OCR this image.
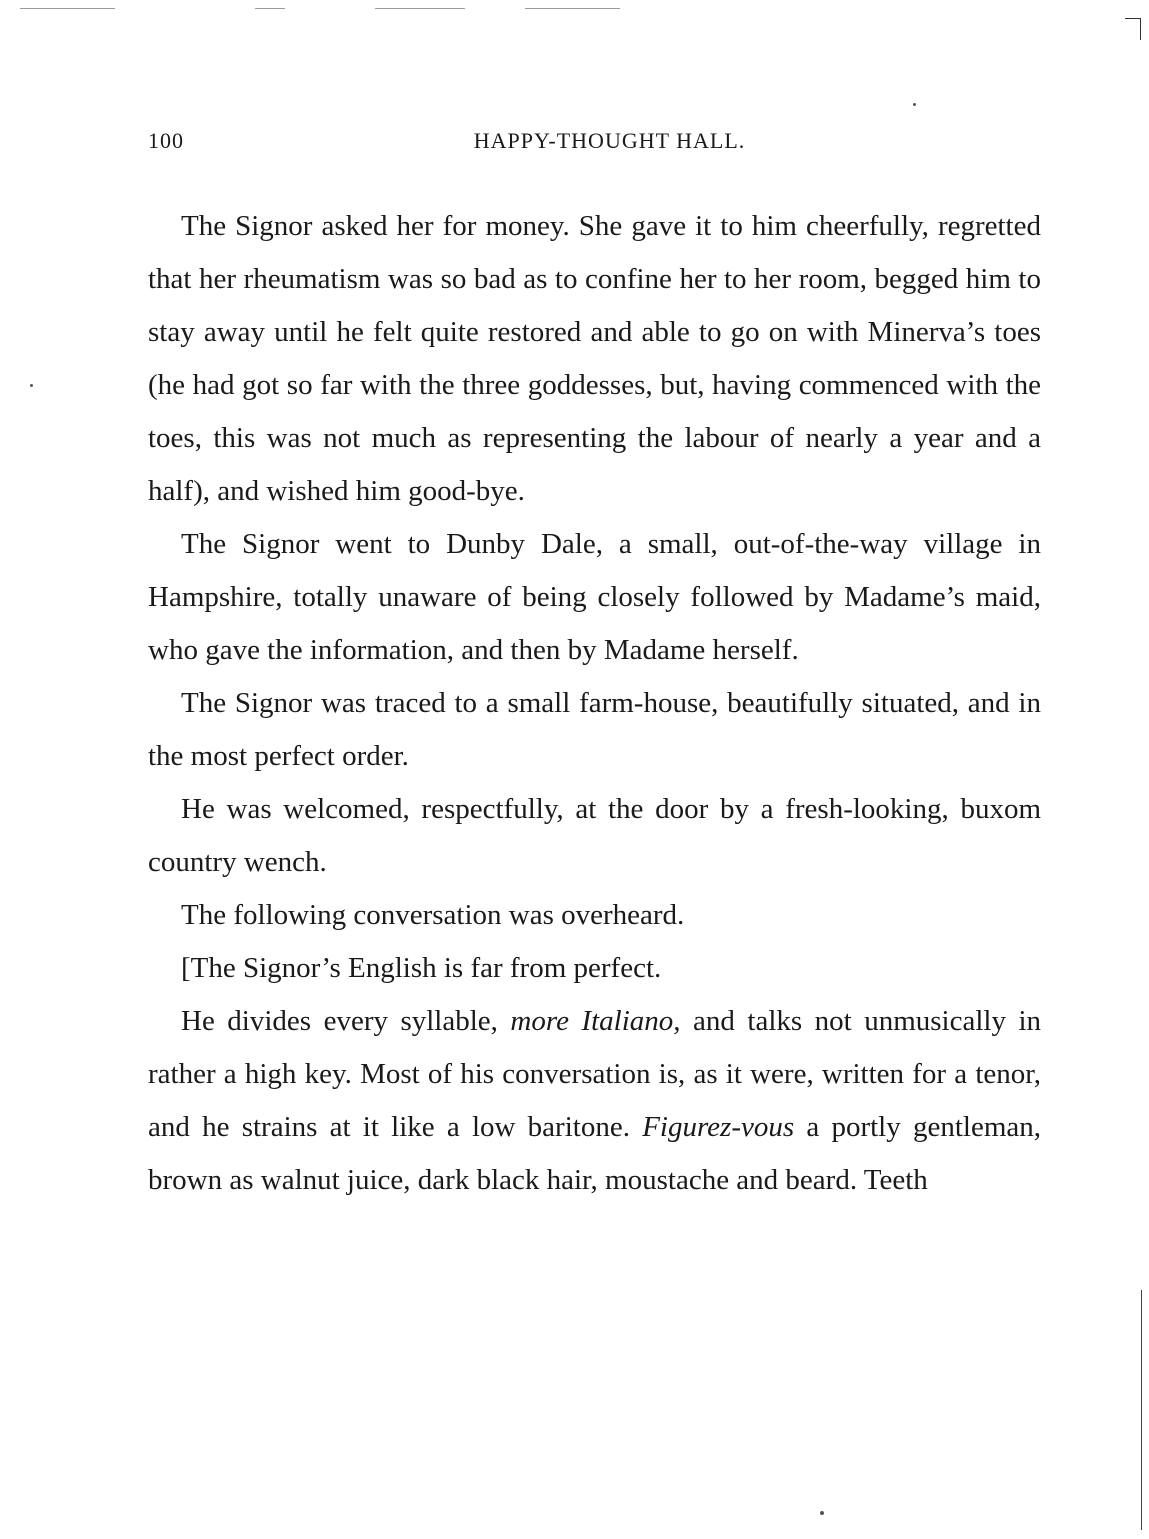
100	HAPPY-THOUGHT HALL.

The Signor asked her for money. She gave it to him cheerfully, regretted that her rheumatism was so bad as to confine her to her room, begged him to stay away until he felt quite restored and able to go on with Minerva’s toes (he had got so far with the three goddesses, but, having commenced with the toes, this was not much as representing the labour of nearly a year and a half), and wished him good-bye.

The Signor went to Dunby Dale, a small, out-of-the-way village in Hampshire, totally unaware of being closely followed by Madame’s maid, who gave the information, and then by Madame herself.

The Signor was traced to a small farm-house, beautifully situated, and in the most perfect order.

He was welcomed, respectfully, at the door by a fresh-looking, buxom country wench.

The following conversation was overheard.

[The Signor’s English is far from perfect.

He divides every syllable, more Italiano, and talks not unmusically in rather a high key. Most of his conversation is, as it were, written for a tenor, and he strains at it like a low baritone. Figurez-vous a portly gentleman, brown as walnut juice, dark black hair, moustache and beard. Teeth
